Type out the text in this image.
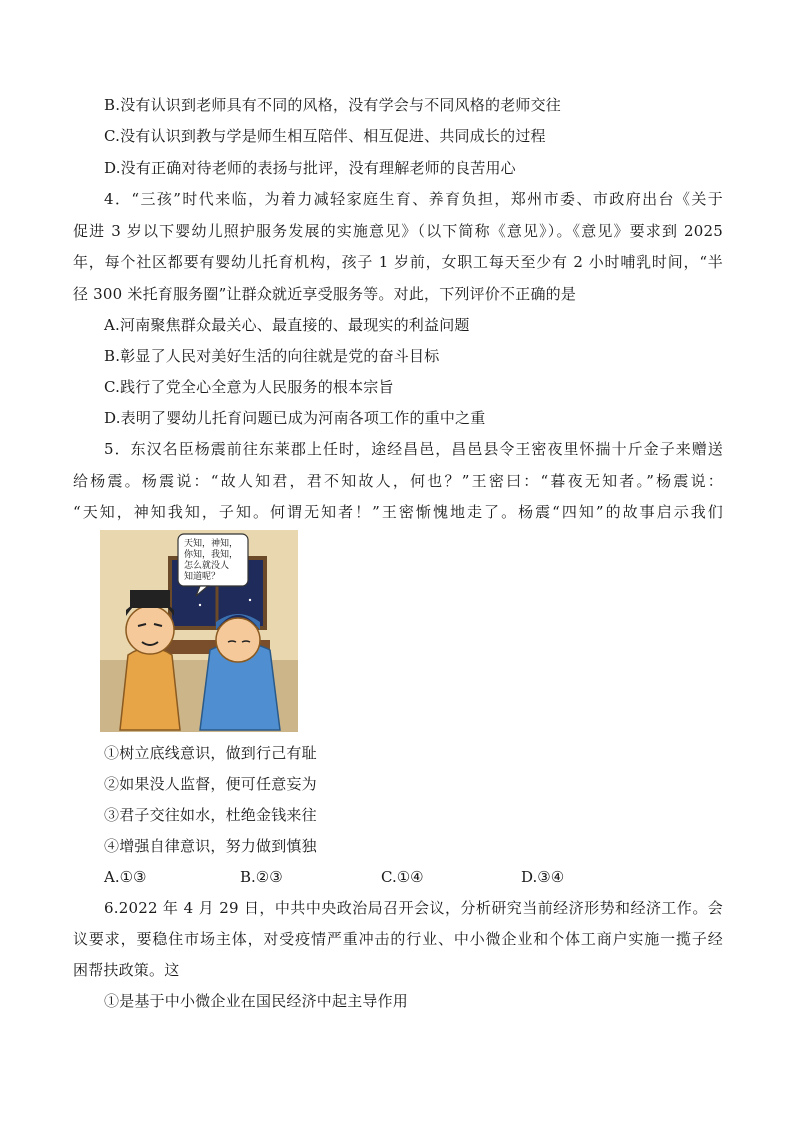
B.没有认识到老师具有不同的风格，没有学会与不同风格的老师交往
C.没有认识到教与学是师生相互陪伴、相互促进、共同成长的过程
D.没有正确对待老师的表扬与批评，没有理解老师的良苦用心
4．“三孩”时代来临，为着力减轻家庭生育、养育负担，郑州市委、市政府出台《关于
促进 3 岁以下婴幼儿照护服务发展的实施意见》（以下简称《意见》）。《意见》要求到 2025
年，每个社区都要有婴幼儿托育机构，孩子 1 岁前，女职工每天至少有 2 小时哺乳时间，“半
径 300 米托育服务圈”让群众就近享受服务等。对此，下列评价不正确的是
A.河南聚焦群众最关心、最直接的、最现实的利益问题
B.彰显了人民对美好生活的向往就是党的奋斗目标
C.践行了党全心全意为人民服务的根本宗旨
D.表明了婴幼儿托育问题已成为河南各项工作的重中之重
5．东汉名臣杨震前往东莱郡上任时，途经昌邑，昌邑县令王密夜里怀揣十斤金子来赠送
给杨震。杨震说：“故人知君，君不知故人，何也？”王密曰：“暮夜无知者。”杨震说：
“天知，神知我知，子知。何谓无知者！”王密惭愧地走了。杨震“四知”的故事启示我们
天知，神知，
你知，我知，
怎么就没人
知道呢？
①树立底线意识，做到行己有耻
②如果没人监督，便可任意妄为
③君子交往如水，杜绝金钱来往
④增强自律意识，努力做到慎独
A.①③	B.②③	C.①④	D.③④
6.2022 年 4 月 29 日，中共中央政治局召开会议，分析研究当前经济形势和经济工作。会
议要求，要稳住市场主体，对受疫情严重冲击的行业、中小微企业和个体工商户实施一揽子经
困帮扶政策。这
①是基于中小微企业在国民经济中起主导作用
